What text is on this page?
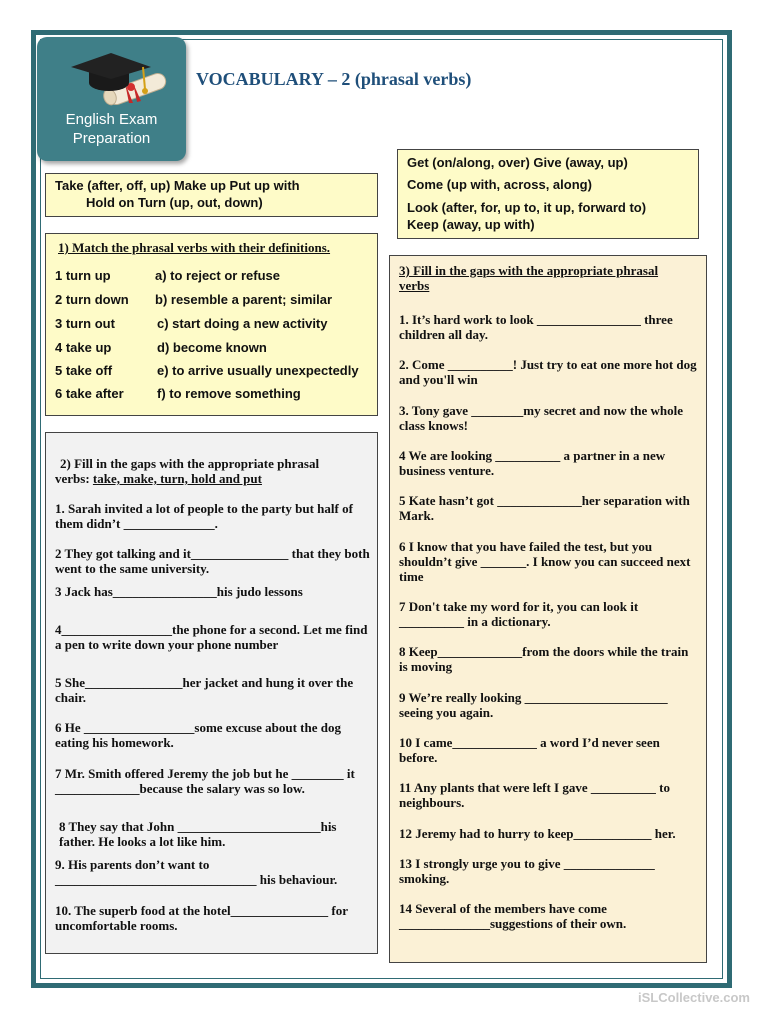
English Exam
Preparation
VOCABULARY – 2 (phrasal verbs)
Get (on/along, over) Give (away, up)
Come (up with, across, along)
Look (after, for, up to, it up, forward to)
Keep (away, up with)
Take (after, off, up) Make up Put up with
Hold on Turn (up, out, down)
1) Match the phrasal verbs with their definitions.
1 turn up
2 turn down
3 turn out
4 take up
5 take off
6 take after
a) to reject or refuse
b) resemble a parent; similar
c) start doing a new activity
d) become known
e) to arrive usually unexpectedly
f) to remove something
2) Fill in the gaps with the appropriate phrasal
verbs: take, make, turn, hold and put
1. Sarah invited a lot of people to the party but half of them didn’t ______________.
2 They got talking and it_______________ that they both went to the same university.
3 Jack has________________his judo lessons
4_________________the phone for a second. Let me find a pen to write down your phone number
5 She_______________her jacket and hung it over the chair.
6 He _________________some excuse about the dog eating his homework.
7 Mr. Smith offered Jeremy the job but he ________ it _____________because the salary was so low.
8 They say that John ______________________his father. He looks a lot like him.
9. His parents don’t want to _______________________________ his behaviour.
10. The superb food at the hotel_______________ for uncomfortable rooms.
3) Fill in the gaps with the appropriate phrasal verbs
1. It’s hard work to look ________________ three children all day.
2. Come __________! Just try to eat one more hot dog and you'll win
3. Tony gave ________my secret and now the whole class knows!
4 We are looking __________ a partner in a new business venture.
5 Kate hasn’t got _____________her separation with Mark.
6 I know that you have failed the test, but you shouldn’t give _______. I know you can succeed next time
7 Don't take my word for it, you can look it __________ in a dictionary.
8 Keep_____________from the doors while the train is moving
9 We’re really looking ______________________ seeing you again.
10 I came_____________ a word I’d never seen before.
11 Any plants that were left I gave __________ to neighbours.
12 Jeremy had to hurry to keep____________ her.
13 I strongly urge you to give ______________ smoking.
14 Several of the members have come ______________suggestions of their own.
iSLCollective.com
